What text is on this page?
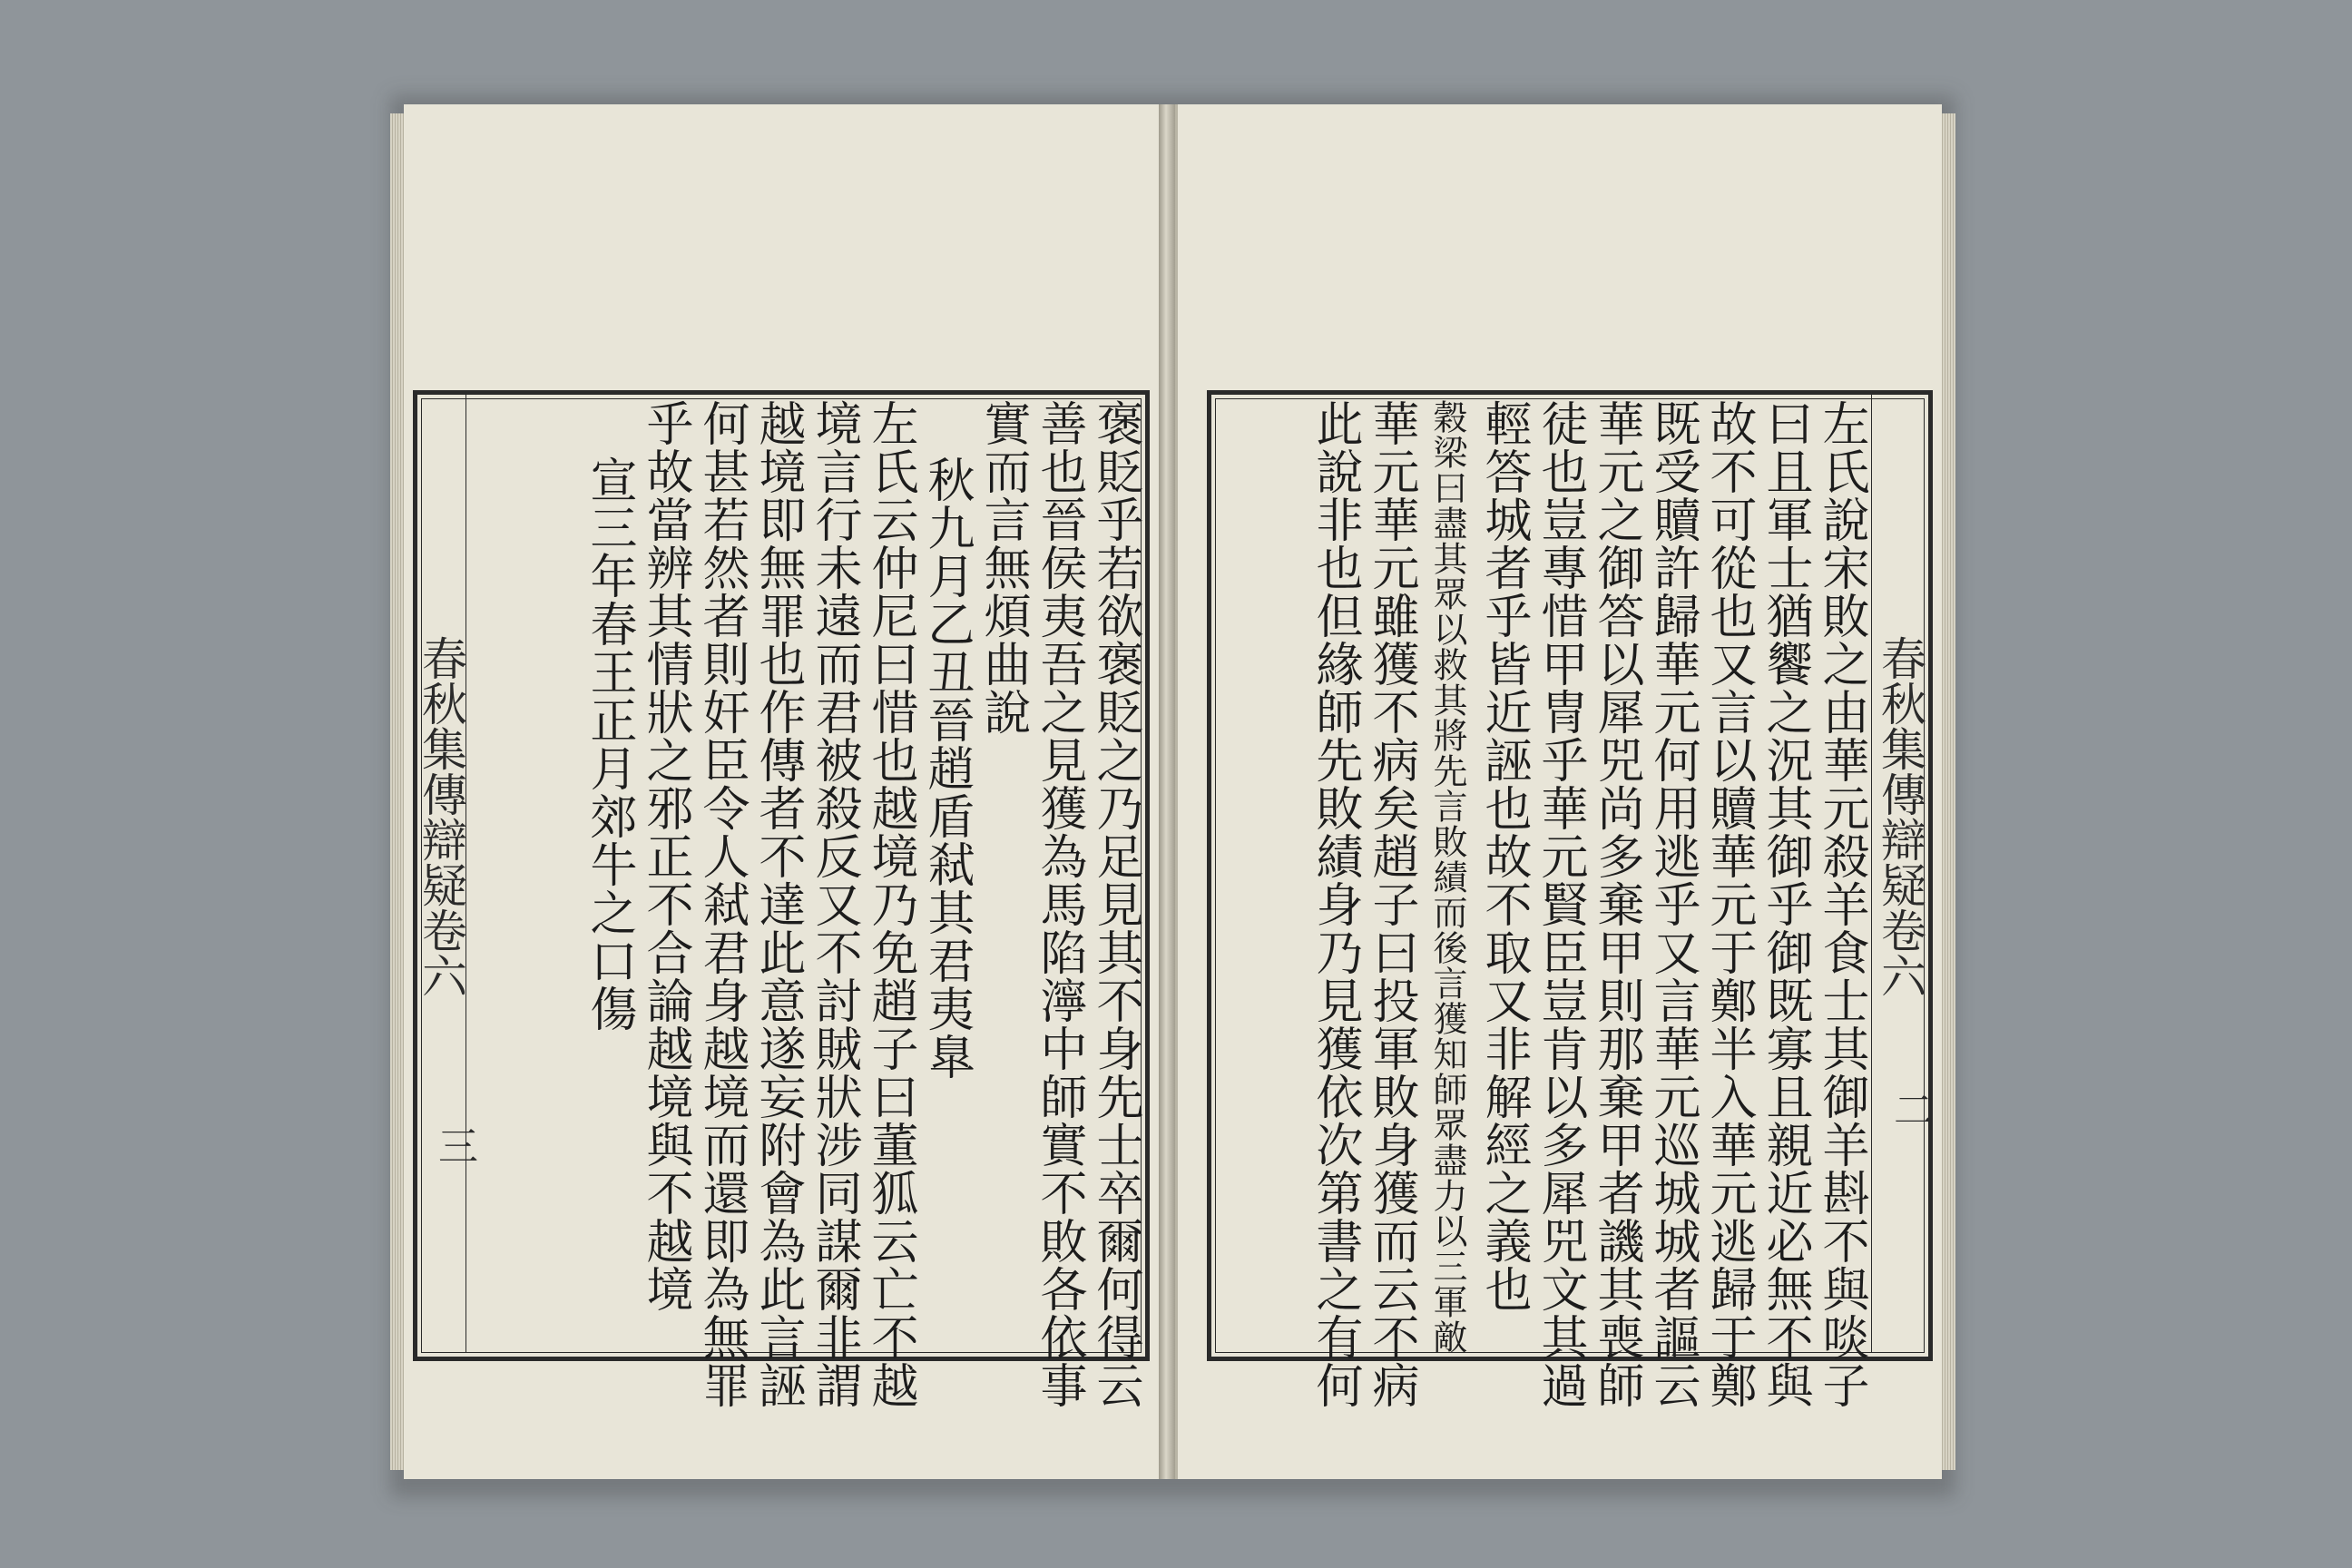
春秋集傳辯疑卷六
三
春秋集傳辯疑卷六
二
褒貶乎若欲褒貶之乃足見其不身先士卒爾何得云
善也晉侯夷吾之見獲為馬陷濘中師實不敗各依事
實而言無煩曲說
秋九月乙丑晉趙盾弒其君夷臯
左氏云仲尼曰惜也越境乃免趙子曰董狐云亡不越
境言行未遠而君被殺反又不討賊狀涉同謀爾非謂
越境即無罪也作傳者不達此意遂妄附會為此言誣
何甚若然者則奸臣令人弒君身越境而還即為無罪
乎故當辨其情狀之邪正不合論越境與不越境
宣三年春王正月郊牛之口傷	左氏說宋敗之由華元殺羊食士其御羊斟不與啖子
曰且軍士猶饗之況其御乎御既寡且親近必無不與
故不可從也又言以贖華元于鄭半入華元逃歸于鄭
既受贖許歸華元何用逃乎又言華元巡城城者謳云
華元之御答以犀兕尚多棄甲則那棄甲者譏其喪師
徒也豈專惜甲冑乎華元賢臣豈肯以多犀兕文其過
輕答城者乎皆近誣也故不取又非解經之義也
穀梁曰盡其眾以救其將先言敗績而後言獲知師眾盡力以三軍敵
華元華元雖獲不病矣趙子曰投軍敗身獲而云不病
此說非也但緣師先敗績身乃見獲依次第書之有何
